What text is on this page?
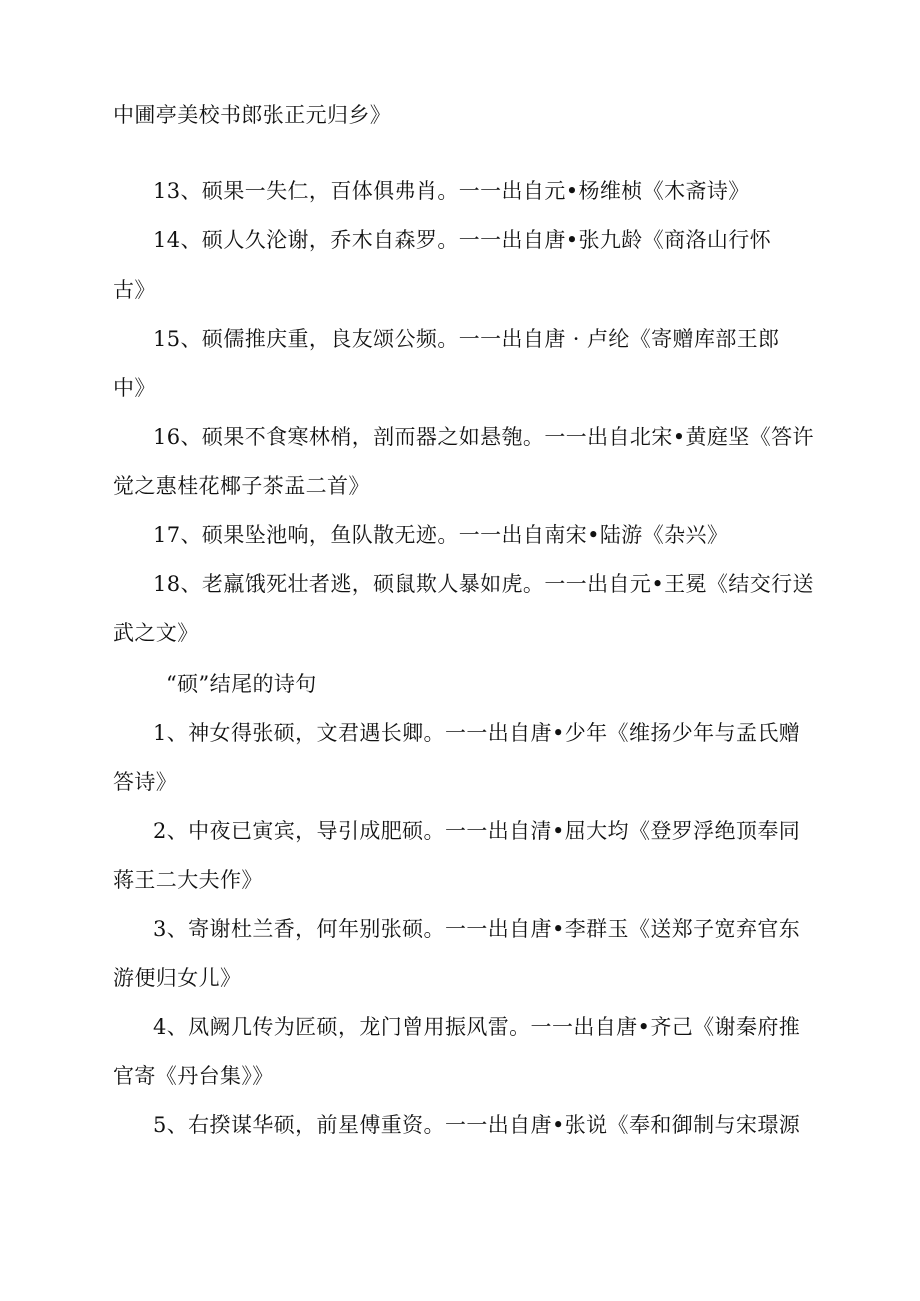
中圃亭美校书郎张正元归乡》
13、硕果一失仁，百体俱弗肖。一一出自元•杨维桢《木斋诗》
14、硕人久沦谢，乔木自森罗。一一出自唐•张九龄《商洛山行怀
古》
15、硕儒推庆重，良友颂公频。一一出自唐 · 卢纶《寄赠库部王郎
中》
16、硕果不食寒林梢，剖而器之如悬匏。一一出自北宋•黄庭坚《答许
觉之惠桂花椰子茶盂二首》
17、硕果坠池响，鱼队散无迹。一一出自南宋•陆游《杂兴》
18、老羸饿死壮者逃，硕鼠欺人暴如虎。一一出自元•王冕《结交行送
武之文》
“硕”结尾的诗句
1、神女得张硕，文君遇长卿。一一出自唐•少年《维扬少年与孟氏赠
答诗》
2、中夜已寅宾，导引成肥硕。一一出自清•屈大均《登罗浮绝顶奉同
蒋王二大夫作》
3、寄谢杜兰香，何年别张硕。一一出自唐•李群玉《送郑子宽弃官东
游便归女儿》
4、凤阙几传为匠硕，龙门曾用振风雷。一一出自唐•齐己《谢秦府推
官寄《丹台集》》
5、右揆谋华硕，前星傅重资。一一出自唐•张说《奉和御制与宋璟源
